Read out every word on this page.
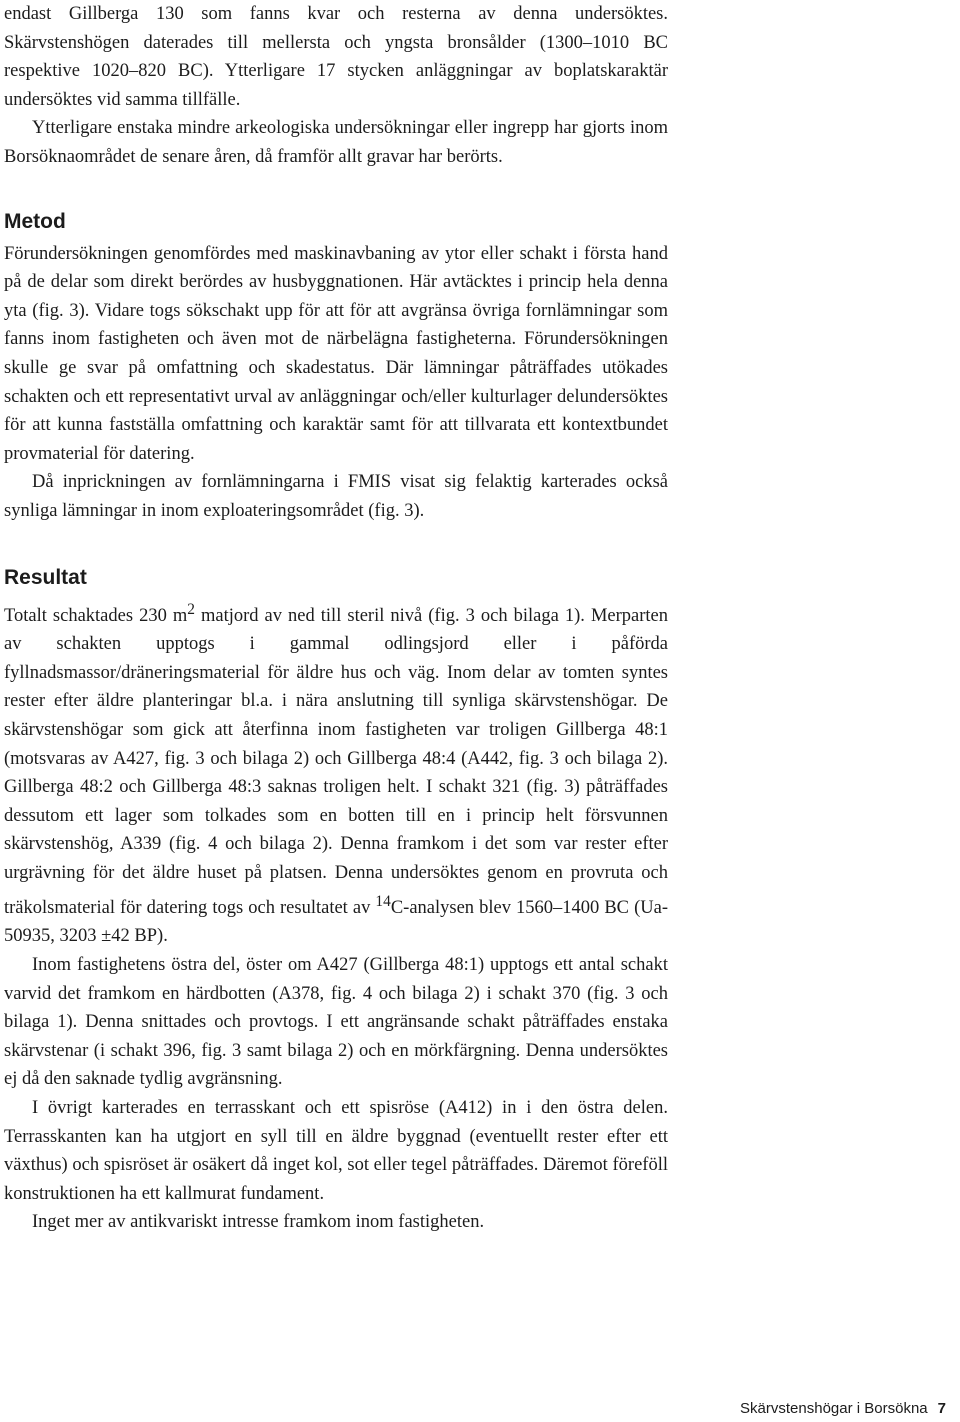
endast Gillberga 130 som fanns kvar och resterna av denna undersöktes. Skärvstenshögen daterades till mellersta och yngsta bronsålder (1300–1010 BC respektive 1020–820 BC). Ytterligare 17 stycken anläggningar av boplatskaraktär undersöktes vid samma tillfälle.

Ytterligare enstaka mindre arkeologiska undersökningar eller ingrepp har gjorts inom Borsöknaområdet de senare åren, då framför allt gravar har berörts.

Metod

Förundersökningen genomfördes med maskinavbaning av ytor eller schakt i första hand på de delar som direkt berördes av husbyggnationen. Här avtäcktes i princip hela denna yta (fig. 3). Vidare togs sökschakt upp för att för att avgränsa övriga fornlämningar som fanns inom fastigheten och även mot de närbelägna fastigheterna. Förundersökningen skulle ge svar på omfattning och skadestatus. Där lämningar påträffades utökades schakten och ett representativt urval av anläggningar och/eller kulturlager delundersöktes för att kunna fastställa omfattning och karaktär samt för att tillvarata ett kontextbundet provmaterial för datering.

Då inprickningen av fornlämningarna i FMIS visat sig felaktig karterades också synliga lämningar in inom exploateringsområdet (fig. 3).

Resultat

Totalt schaktades 230 $m^2$ matjord av ned till steril nivå (fig. 3 och bilaga 1). Merparten av schakten upptogs i gammal odlingsjord eller i påförda fyllnadsmassor/dräneringsmaterial för äldre hus och väg. Inom delar av tomten syntes rester efter äldre planteringar bl.a. i nära anslutning till synliga skärvstenshögar. De skärvstenshögar som gick att återfinna inom fastigheten var troligen Gillberga 48:1 (motsvaras av A427, fig. 3 och bilaga 2) och Gillberga 48:4 (A442, fig. 3 och bilaga 2). Gillberga 48:2 och Gillberga 48:3 saknas troligen helt. I schakt 321 (fig. 3) påträffades dessutom ett lager som tolkades som en botten till en i princip helt försvunnen skärvstenshög, A339 (fig. 4 och bilaga 2). Denna framkom i det som var rester efter urgrävning för det äldre huset på platsen. Denna undersöktes genom en provruta och träkolsmaterial för datering togs och resultatet av $^{14}$C-analysen blev 1560–1400 BC (Ua-50935, 3203 ±42 BP).

Inom fastighetens östra del, öster om A427 (Gillberga 48:1) upptogs ett antal schakt varvid det framkom en härdbotten (A378, fig. 4 och bilaga 2) i schakt 370 (fig. 3 och bilaga 1). Denna snittades och provtogs. I ett angränsande schakt påträffades enstaka skärvstenar (i schakt 396, fig. 3 samt bilaga 2) och en mörkfärgning. Denna undersöktes ej då den saknade tydlig avgränsning.

I övrigt karterades en terrasskant och ett spisröse (A412) in i den östra delen. Terrasskanten kan ha utgjort en syll till en äldre byggnad (eventuellt rester efter ett växthus) och spisröset är osäkert då inget kol, sot eller tegel påträffades. Däremot föreföll konstruktionen ha ett kallmurat fundament.

Inget mer av antikvariskt intresse framkom inom fastigheten.

Skärvstenshögar i Borsökna 7
